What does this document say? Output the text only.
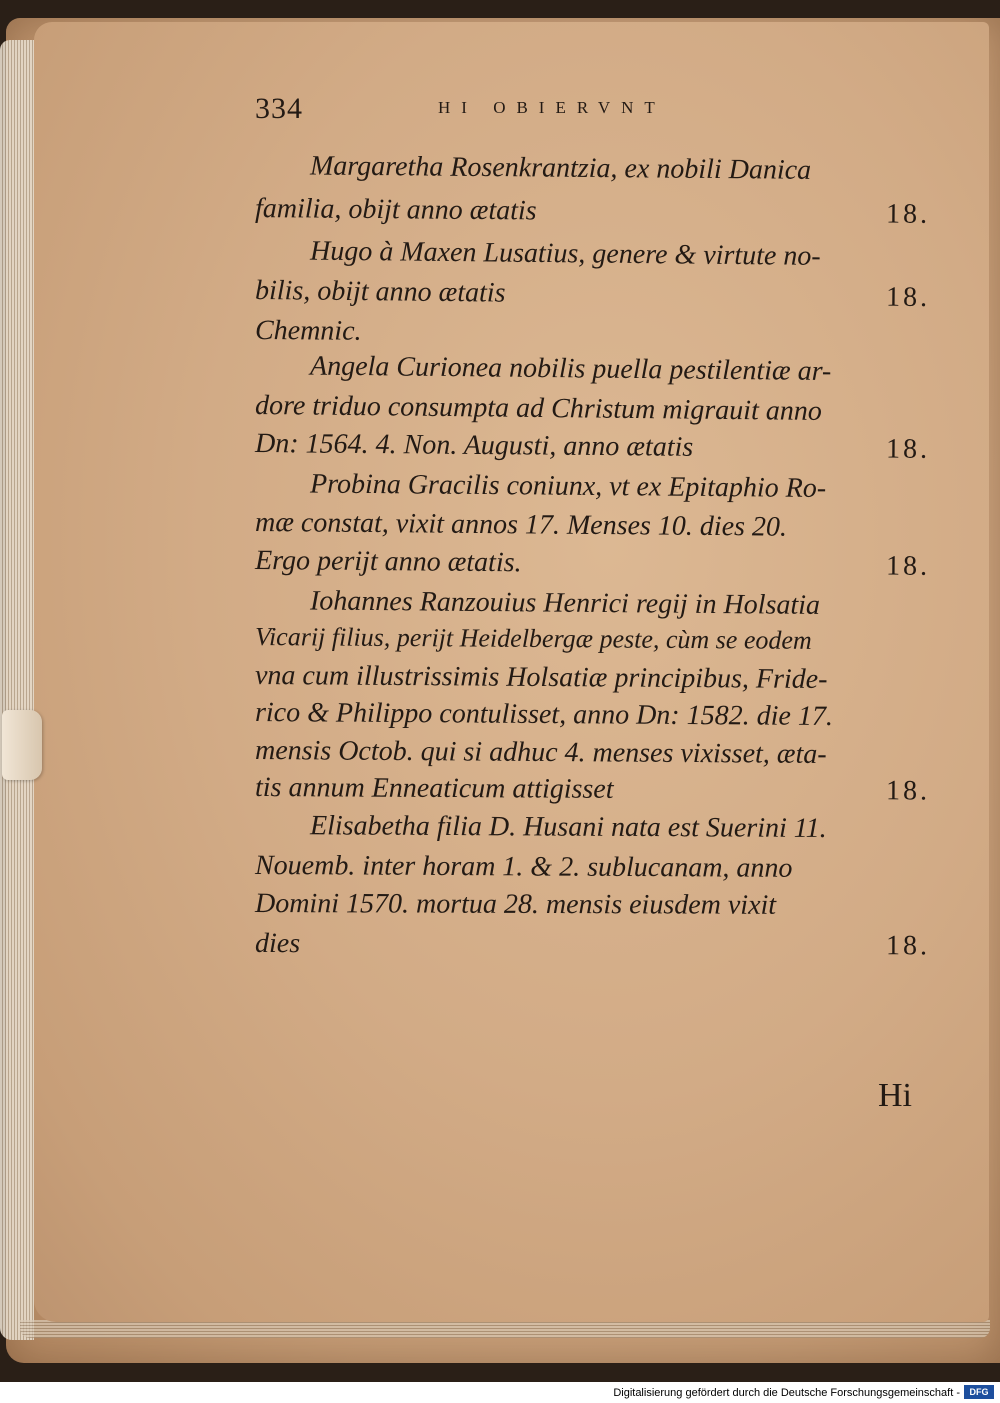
334	HI OBIERVNT
Margaretha Rosenkrantzia, ex nobili Danica
familia, obijt anno ætatis	18.
Hugo à Maxen Lusatius, genere & virtute no-
bilis, obijt anno ætatis	18.
Chemnic.
Angela Curionea nobilis puella pestilentiæ ar-
dore triduo consumpta ad Christum migrauit anno
Dn: 1564. 4. Non. Augusti, anno ætatis	18.
Probina Gracilis coniunx, vt ex Epitaphio Ro-
mæ constat, vixit annos 17. Menses 10. dies 20.
Ergo perijt anno ætatis.	18.
Iohannes Ranzouius Henrici regij in Holsatia
Vicarij filius, perijt Heidelbergæ peste, cùm se eodem
vna cum illustrissimis Holsatiæ principibus, Fride-
rico & Philippo contulisset, anno Dn: 1582. die 17.
mensis Octob. qui si adhuc 4. menses vixisset, æta-
tis annum Enneaticum attigisset	18.
Elisabetha filia D. Husani nata est Suerini 11.
Nouemb. inter horam 1. & 2. sublucanam, anno
Domini 1570. mortua 28. mensis eiusdem vixit
dies	18.
Hi
Digitalisierung gefördert durch die Deutsche Forschungsgemeinschaft -	DFG
